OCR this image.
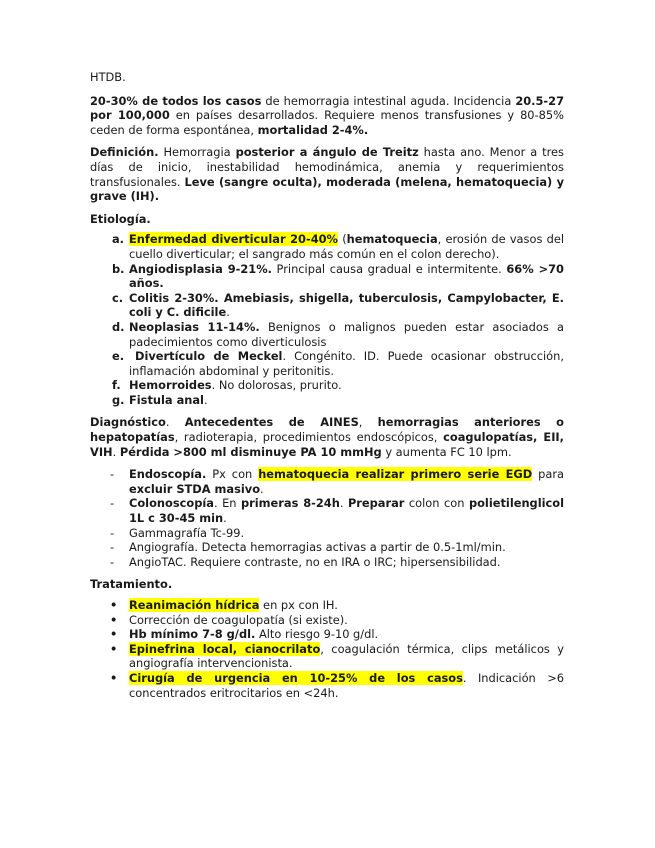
HTDB.

20-30% de todos los casos de hemorragia intestinal aguda. Incidencia 20.5-27 por 100,000 en países desarrollados. Requiere menos transfusiones y 80-85% ceden de forma espontánea, mortalidad 2-4%.

Definición. Hemorragia posterior a ángulo de Treitz hasta ano. Menor a tres días de inicio, inestabilidad hemodinámica, anemia y requerimientos transfusionales. Leve (sangre oculta), moderada (melena, hematoquecia) y grave (IH).

Etiología.
a. Enfermedad diverticular 20-40% (hematoquecia, erosión de vasos del cuello diverticular; el sangrado más común en el colon derecho).
b. Angiodisplasia 9-21%. Principal causa gradual e intermitente. 66% >70 años.
c. Colitis 2-30%. Amebiasis, shigella, tuberculosis, Campylobacter, E. coli y C. dificile.
d. Neoplasias 11-14%. Benignos o malignos pueden estar asociados a padecimientos como diverticulosis
e. Divertículo de Meckel. Congénito. ID. Puede ocasionar obstrucción, inflamación abdominal y peritonitis.
f. Hemorroides. No dolorosas, prurito.
g. Fistula anal.

Diagnóstico. Antecedentes de AINES, hemorragias anteriores o hepatopatías, radioterapia, procedimientos endoscópicos, coagulopatías, EII, VIH. Pérdida >800 ml disminuye PA 10 mmHg y aumenta FC 10 lpm.

- Endoscopía. Px con hematoquecia realizar primero serie EGD para excluir STDA masivo.
- Colonoscopía. En primeras 8-24h. Preparar colon con polietilenglicol 1L c 30-45 min.
- Gammagrafía Tc-99.
- Angiografía. Detecta hemorragias activas a partir de 0.5-1ml/min.
- AngioTAC. Requiere contraste, no en IRA o IRC; hipersensibilidad.
Tratamiento.
• Reanimación hídrica en px con IH.
• Corrección de coagulopatía (si existe).
• Hb mínimo 7-8 g/dl. Alto riesgo 9-10 g/dl.
• Epinefrina local, cianocrilato, coagulación térmica, clips metálicos y angiografía intervencionista.
• Cirugía de urgencia en 10-25% de los casos. Indicación >6 concentrados eritrocitarios en <24h.
